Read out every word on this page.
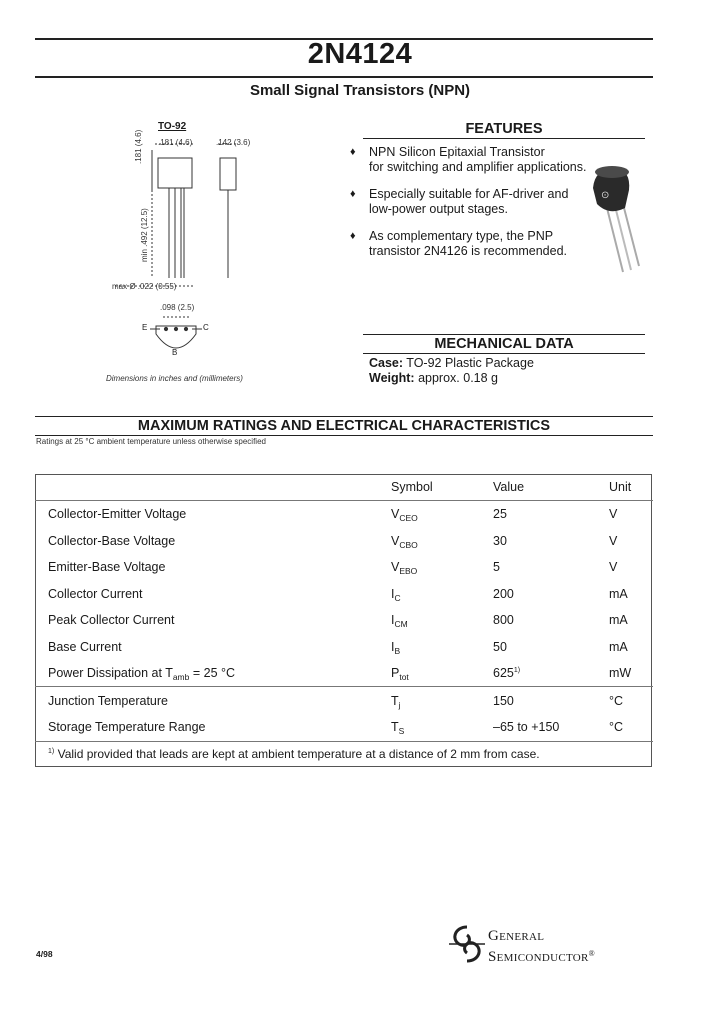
2N4124
Small Signal Transistors (NPN)
TO-92
.181 (4.6)	.142 (3.6)
.181 (4.6)
min .492 (12.5)
max Ø .022 (0.55)
.098 (2.5)
E	C
B
Dimensions in inches and (millimeters)
FEATURES
♦ NPN Silicon Epitaxial Transistor
for switching and amplifier applications.
♦ Especially suitable for AF-driver and
low-power output stages.
♦ As complementary type, the PNP
transistor 2N4126 is recommended.
⊙
MECHANICAL DATA
Case: TO-92 Plastic Package
Weight: approx. 0.18 g
MAXIMUM RATINGS AND ELECTRICAL CHARACTERISTICS
Ratings at 25 °C ambient temperature unless otherwise specified
Symbol	Value	Unit
Collector-Emitter Voltage	$V_{CEO}$	25	V
Collector-Base Voltage	$V_{CBO}$	30	V
Emitter-Base Voltage	$V_{EBO}$	5	V
Collector Current	$I_C$	200	mA
Peak Collector Current	$I_{CM}$	800	mA
Base Current	$I_B$	50	mA
Power Dissipation at $T_{amb} = 25$ °C	$P_{tot}$	625$^{1)}$	mW
Junction Temperature	$T_j$	150	°C
Storage Temperature Range	$T_S$	–65 to +150	°C
$^{1)}$ Valid provided that leads are kept at ambient temperature at a distance of 2 mm from case.
4/98
General
Semiconductor®
